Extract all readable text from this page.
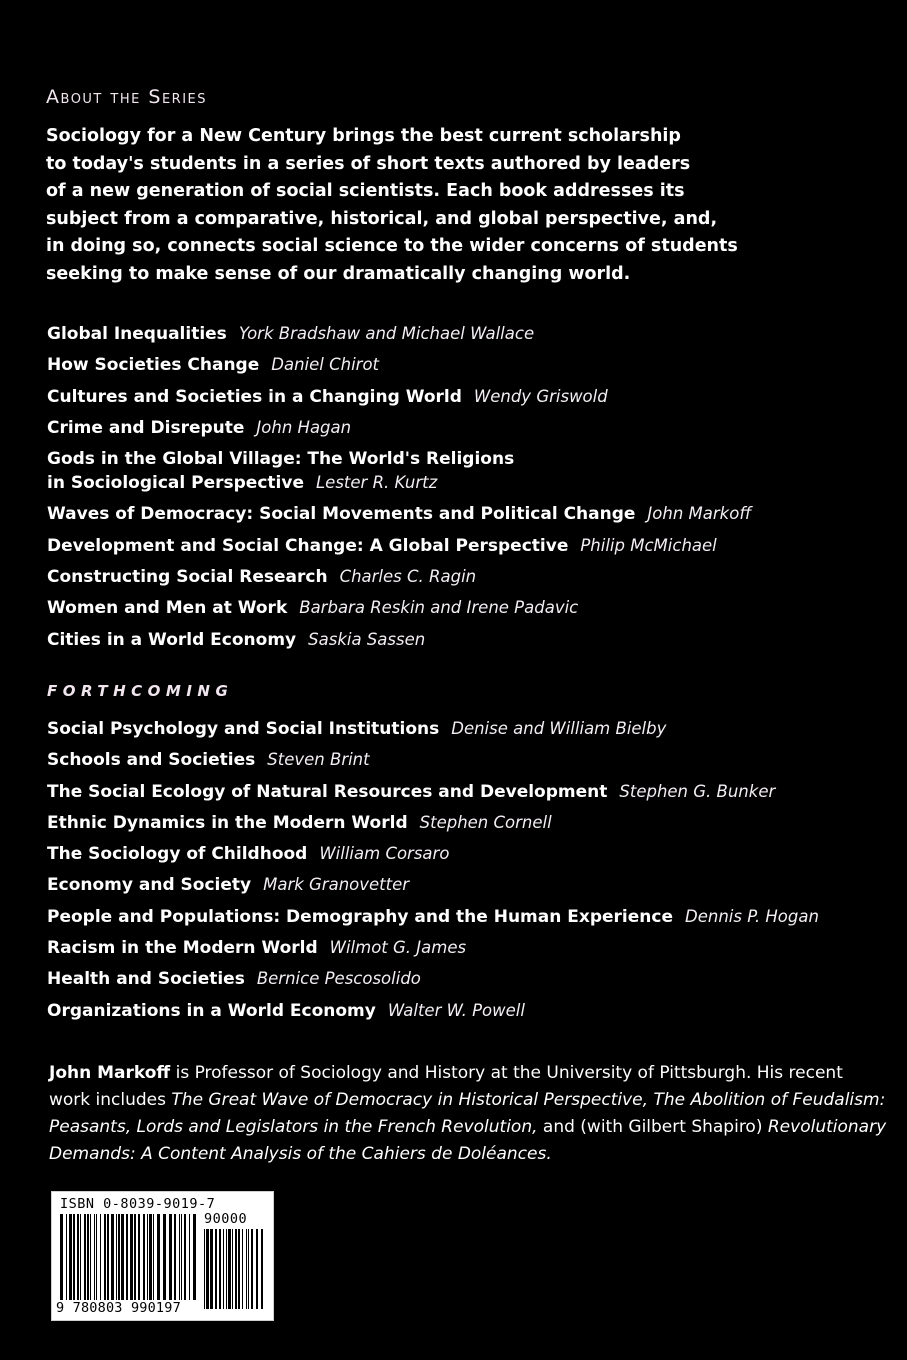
About the Series
Sociology for a New Century brings the best current scholarship
to today's students in a series of short texts authored by leaders
of a new generation of social scientists. Each book addresses its
subject from a comparative, historical, and global perspective, and,
in doing so, connects social science to the wider concerns of students
seeking to make sense of our dramatically changing world.
Global Inequalities York Bradshaw and Michael Wallace
How Societies Change Daniel Chirot
Cultures and Societies in a Changing World Wendy Griswold
Crime and Disrepute John Hagan
Gods in the Global Village: The World's Religions
in Sociological Perspective Lester R. Kurtz
Waves of Democracy: Social Movements and Political Change John Markoff
Development and Social Change: A Global Perspective Philip McMichael
Constructing Social Research Charles C. Ragin
Women and Men at Work Barbara Reskin and Irene Padavic
Cities in a World Economy Saskia Sassen
FORTHCOMING
Social Psychology and Social Institutions Denise and William Bielby
Schools and Societies Steven Brint
The Social Ecology of Natural Resources and Development Stephen G. Bunker
Ethnic Dynamics in the Modern World Stephen Cornell
The Sociology of Childhood William Corsaro
Economy and Society Mark Granovetter
People and Populations: Demography and the Human Experience Dennis P. Hogan
Racism in the Modern World Wilmot G. James
Health and Societies Bernice Pescosolido
Organizations in a World Economy Walter W. Powell
John Markoff is Professor of Sociology and History at the University of Pittsburgh. His recent
work includes The Great Wave of Democracy in Historical Perspective, The Abolition of Feudalism:
Peasants, Lords and Legislators in the French Revolution, and (with Gilbert Shapiro) Revolutionary
Demands: A Content Analysis of the Cahiers de Doléances.
ISBN 0-8039-9019-7
90000
9 780803 990197
